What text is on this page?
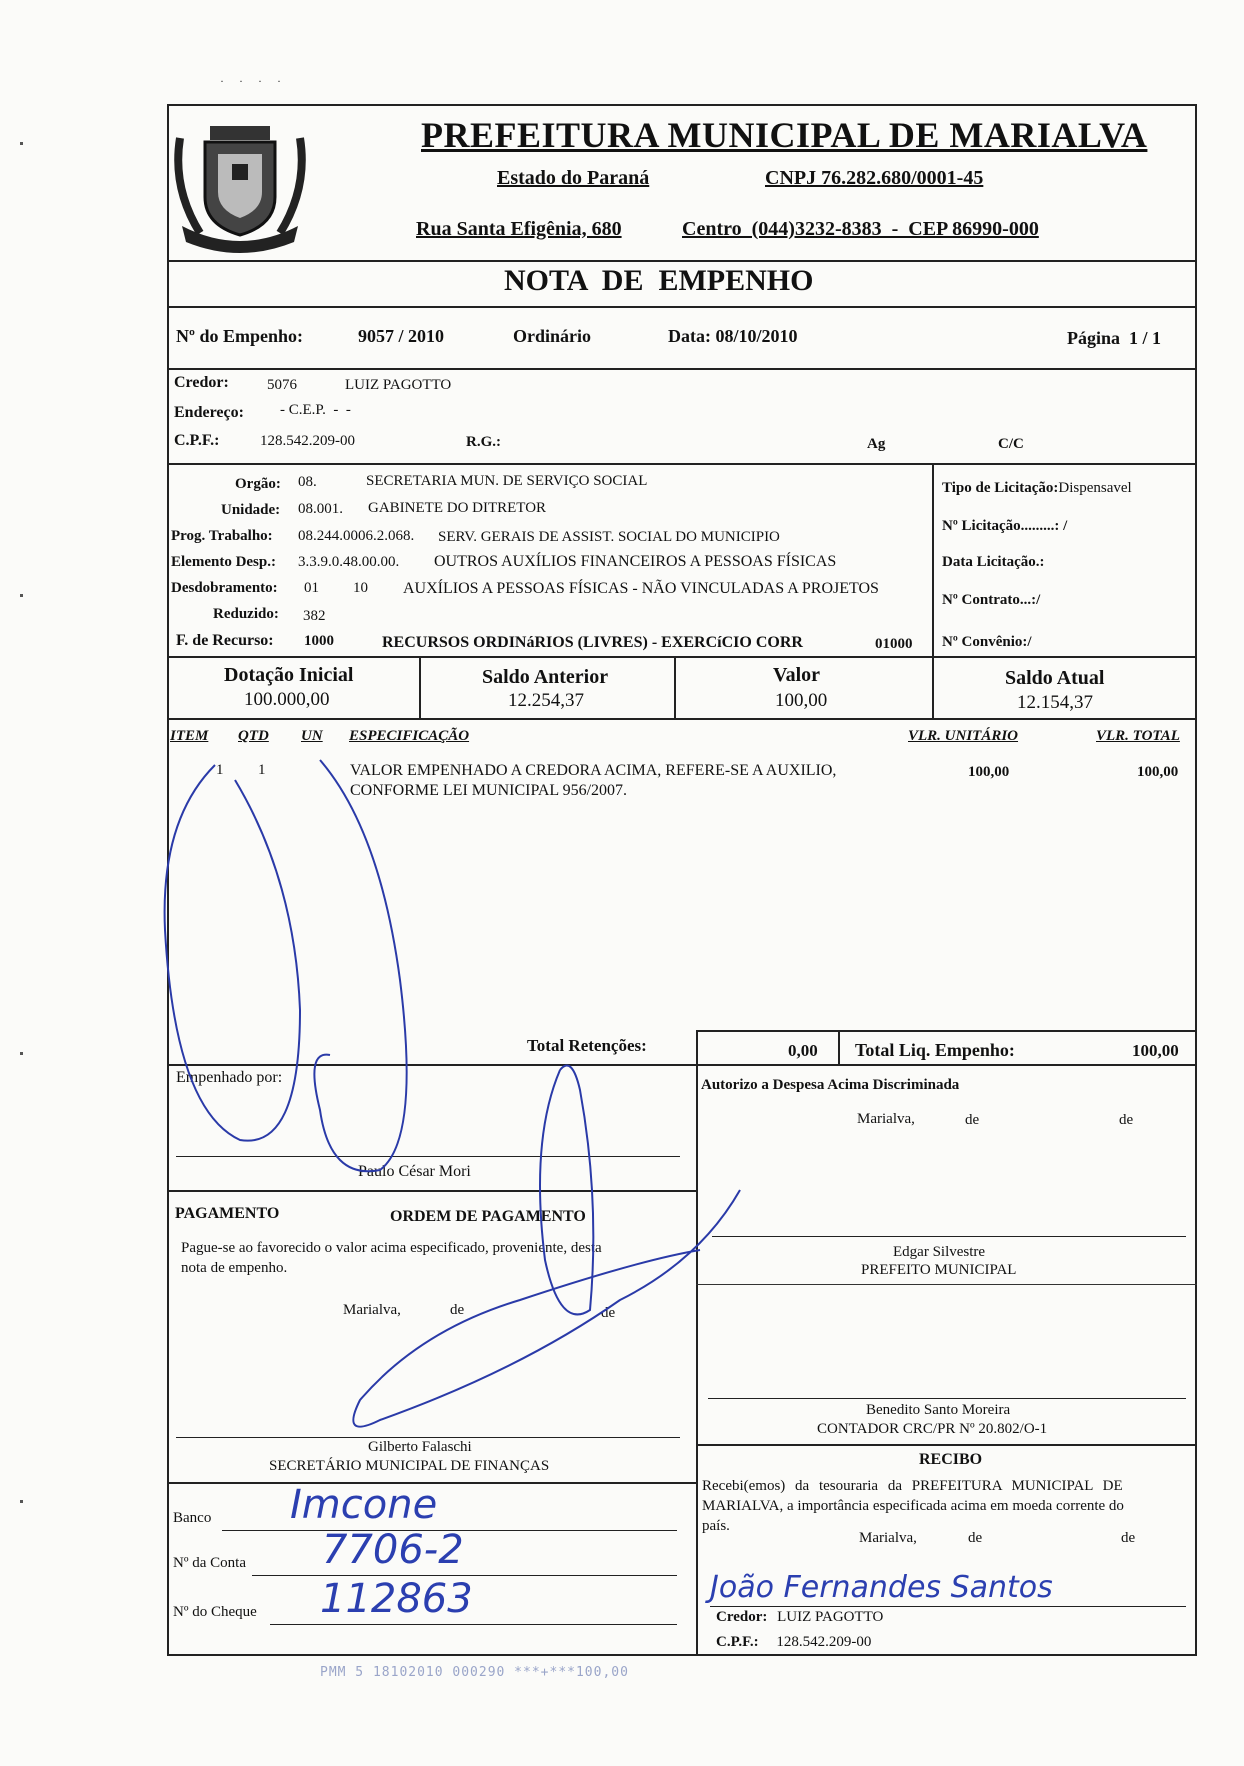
· · · ·
PREFEITURA MUNICIPAL DE MARIALVA
Estado do Paraná	CNPJ 76.282.680/0001-45
Rua Santa Efigênia, 680	Centro  (044)3232-8383  -  CEP 86990-000
NOTA  DE  EMPENHO
Nº do Empenho:	9057 / 2010	Ordinário	Data: 08/10/2010	Página  1 / 1
Credor:	5076	LUIZ PAGOTTO
Endereço: - C.E.P.  -  -
C.P.F.:	128.542.209-00	R.G.:	Ag	C/C
Orgão: 08.	SECRETARIA MUN. DE SERVIÇO SOCIAL
Unidade: 08.001. GABINETE DO DITRETOR
Prog. Trabalho: 08.244.0006.2.068. SERV. GERAIS DE ASSIST. SOCIAL DO MUNICIPIO
Elemento Desp.: 3.3.9.0.48.00.00. OUTROS AUXÍLIOS FINANCEIROS A PESSOAS FÍSICAS
Desdobramento: 01 10 AUXÍLIOS A PESSOAS FÍSICAS - NÃO VINCULADAS A PROJETOS
Reduzido: 382
F. de Recurso: 1000	RECURSOS ORDINáRIOS (LIVRES) - EXERCíCIO CORR	01000
Tipo de Licitação:Dispensavel
Nº Licitação.........: /
Data Licitação.:
Nº Contrato...:/
Nº Convênio:/
Dotação Inicial
100.000,00
Saldo Anterior
12.254,37
Valor
100,00
Saldo Atual
12.154,37
ITEM QTD UN ESPECIFICAÇÃO	VLR. UNITÁRIO	VLR. TOTAL
1 1	VALOR EMPENHADO A CREDORA ACIMA, REFERE-SE A AUXILIO,
CONFORME LEI MUNICIPAL 956/2007.
100,00	100,00
Total Retenções:	0,00 Total Liq. Empenho:	100,00
Empenhado por:
Paulo César Mori
PAGAMENTO	ORDEM DE PAGAMENTO
Pague-se ao favorecido o valor acima especificado, proveniente, desta
nota de empenho.
Marialva,	de	de
Gilberto Falaschi
SECRETÁRIO MUNICIPAL DE FINANÇAS
Banco Imcone
Nº da Conta 7706-2
Nº do Cheque 112863
Autorizo a Despesa Acima Discriminada
Marialva,	de	de
Edgar Silvestre
PREFEITO MUNICIPAL
Benedito Santo Moreira
CONTADOR CRC/PR Nº 20.802/O-1
RECIBO
Recebi(emos) da tesouraria da PREFEITURA MUNICIPAL DE
MARIALVA, a importância especificada acima em moeda corrente do
país.
Marialva,	de	de
João Fernandes Santos
Credor: LUIZ PAGOTTO
C.P.F.: 128.542.209-00
PMM 5 18102010 000290 ***+***100,00
